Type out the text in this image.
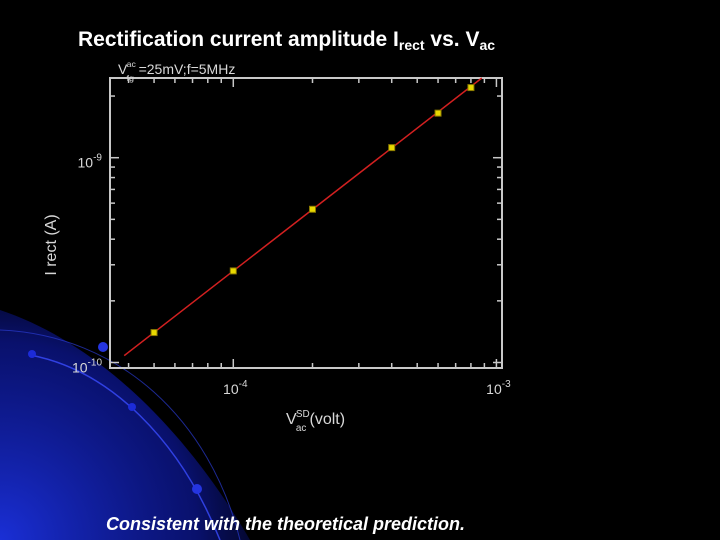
Rectification current amplitude $I_{rect}$ vs. $V_{ac}$
$10^{-4}$	$10^{-3}$
$10^{-9}$
$10^{-10}$
Vac fg=25mV;f=5MHz
VSD ac(volt)
I rect (A)
Consistent with the theoretical prediction.
